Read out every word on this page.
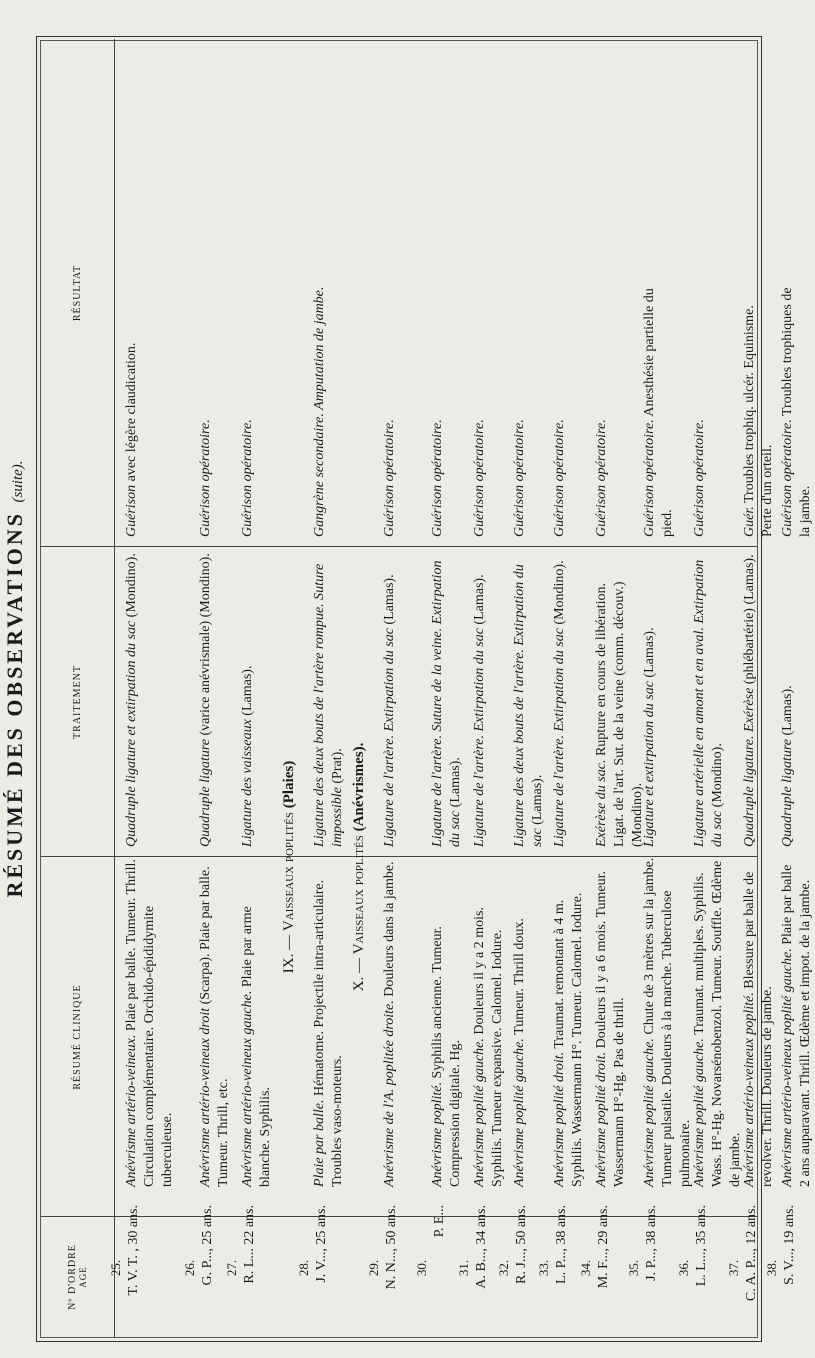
RÉSUMÉ DES OBSERVATIONS (suite).
Nº D'ORDRE AGE
RÉSUMÉ CLINIQUE
TRAITEMENT
RÉSULTAT
IX. — Vaisseaux poplités (Plaies)
X. — Vaisseaux poplités (Anévrismes).
25. T. V. T. , 30 ans.
Anévrisme artério-veineux. Plaie par balle. Tumeur. Thrill. Circulation complémentaire. Orchido-épididymite tuberculeuse.
Quadruple ligature et extirpation du sac (Mondino).
Guérison avec légère claudication.
26. G. P..., 25 ans.
Anévrisme artério-veineux droit (Scarpa). Plaie par balle. Tumeur. Thrill, etc.
Quadruple ligature (varice anévrismale) (Mondino).
Guérison opératoire.
27. R. L... 22 ans.
Anévrisme artério-veineux gauche. Plaie par arme blanche. Syphilis.
Ligature des vaisseaux (Lamas).
Guérison opératoire.
28. J. V..., 25 ans.
Plaie par balle. Hématome. Projectile intra-articulaire. Troubles vaso-moteurs.
Ligature des deux bouts de l'artère rompue. Suture impossible (Prat).
Gangrène secondaire. Amputation de jambe.
29. N. N..., 50 ans.
Anévrisme de l'A. poplitée droite. Douleurs dans la jambe.
Ligature de l'artère. Extirpation du sac (Lamas).
Guérison opératoire.
30.
P. E...
Anévrisme poplité. Syphilis ancienne. Tumeur. Compression digitale. Hg.
Ligature de l'artère. Suture de la veine. Extirpation du sac (Lamas).
Guérison opératoire.
31. A. B..., 34 ans.
Anévrisme poplité gauche. Douleurs il y a 2 mois. Syphilis. Tumeur expansive. Calomel. Iodure.
Ligature de l'artère. Extirpation du sac (Lamas).
Guérison opératoire.
32. R. J..., 50 ans.
Anévrisme poplité gauche. Tumeur. Thrill doux.
Ligature des deux bouts de l'artère. Extirpation du sac (Lamas).
Guérison opératoire.
33. L. P..., 38 ans.
Anévrisme poplité droit. Traumat. remontant à 4 m. Syphilis. Wassermann H°. Tumeur. Calomel. Iodure.
Ligature de l'artère. Extirpation du sac (Mondino).
Guérison opératoire.
34. M. F..., 29 ans.
Anévrisme poplité droit. Douleurs il y a 6 mois. Tumeur. Wassermann H°-Hg. Pas de thrill.
Exérèse du sac. Rupture en cours de libération. Ligat. de l'art. Sut. de la veine (comm. découv.) (Mondino).
Guérison opératoire.
35. J. P..., 38 ans.
Anévrisme poplité gauche. Chute de 3 mètres sur la jambe. Tumeur pulsatile. Douleurs à la marche. Tuberculose pulmonaire.
Ligature et extirpation du sac (Lamas).
Guérison opératoire. Anesthésie partielle du pied.
36. L. L..., 35 ans.
Anévrisme poplité gauche. Traumat. multiples. Syphilis. Wass. H°-Hg. Novarsénobenzol. Tumeur. Souffle. Œdème de jambe.
Ligature artérielle en amont et en aval. Extirpation du sac (Mondino).
Guérison opératoire.
37. C. A. P..., 12 ans.
Anévrisme artério-veineux poplité. Blessure par balle de revolver. Thrill. Douleurs de jambe.
Quadruple ligature. Exérèse (phlébartérie) (Lamas).
Guér. Troubles trophiq. ulcér. Equinisme. Perte d'un orteil.
38. S. V..., 19 ans.
Anévrisme artério-veineux poplité gauche. Plaie par balle 2 ans auparavant. Thrill. Œdème et impot. de la jambe.
Quadruple ligature (Lamas).
Guérison opératoire. Troubles trophiques de la jambe.
